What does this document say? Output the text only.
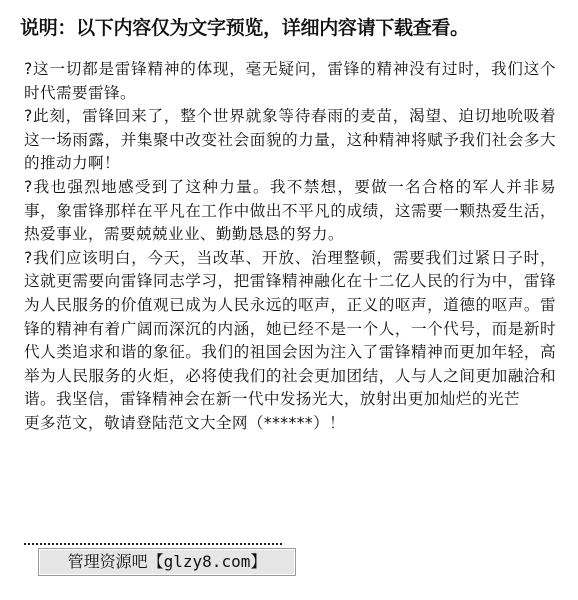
说明：以下内容仅为文字预览，详细内容请下载查看。

?这一切都是雷锋精神的体现，毫无疑问，雷锋的精神没有过时，我们这个时代需要雷锋。

?此刻，雷锋回来了，整个世界就象等待春雨的麦苗，渴望、迫切地吮吸着这一场雨露，并集聚中改变社会面貌的力量，这种精神将赋予我们社会多大的推动力啊！

?我也强烈地感受到了这种力量。我不禁想，要做一名合格的军人并非易事，象雷锋那样在平凡在工作中做出不平凡的成绩，这需要一颗热爱生活，热爱事业，需要兢兢业业、勤勤恳恳的努力。

?我们应该明白，今天，当改革、开放、治理整顿，需要我们过紧日子时，这就更需要向雷锋同志学习，把雷锋精神融化在十二亿人民的行为中，雷锋为人民服务的价值观已成为人民永远的呕声，正义的呕声，道德的呕声。雷锋的精神有着广阔而深沉的内涵，她已经不是一个人，一个代号，而是新时代人类追求和谐的象征。我们的祖国会因为注入了雷锋精神而更加年轻，高举为人民服务的火炬，必将使我们的社会更加团结，人与人之间更加融洽和谐。我坚信，雷锋精神会在新一代中发扬光大，放射出更加灿烂的光芒

更多范文，敬请登陆范文大全网（******）！

管理资源吧【glzy8.com】
